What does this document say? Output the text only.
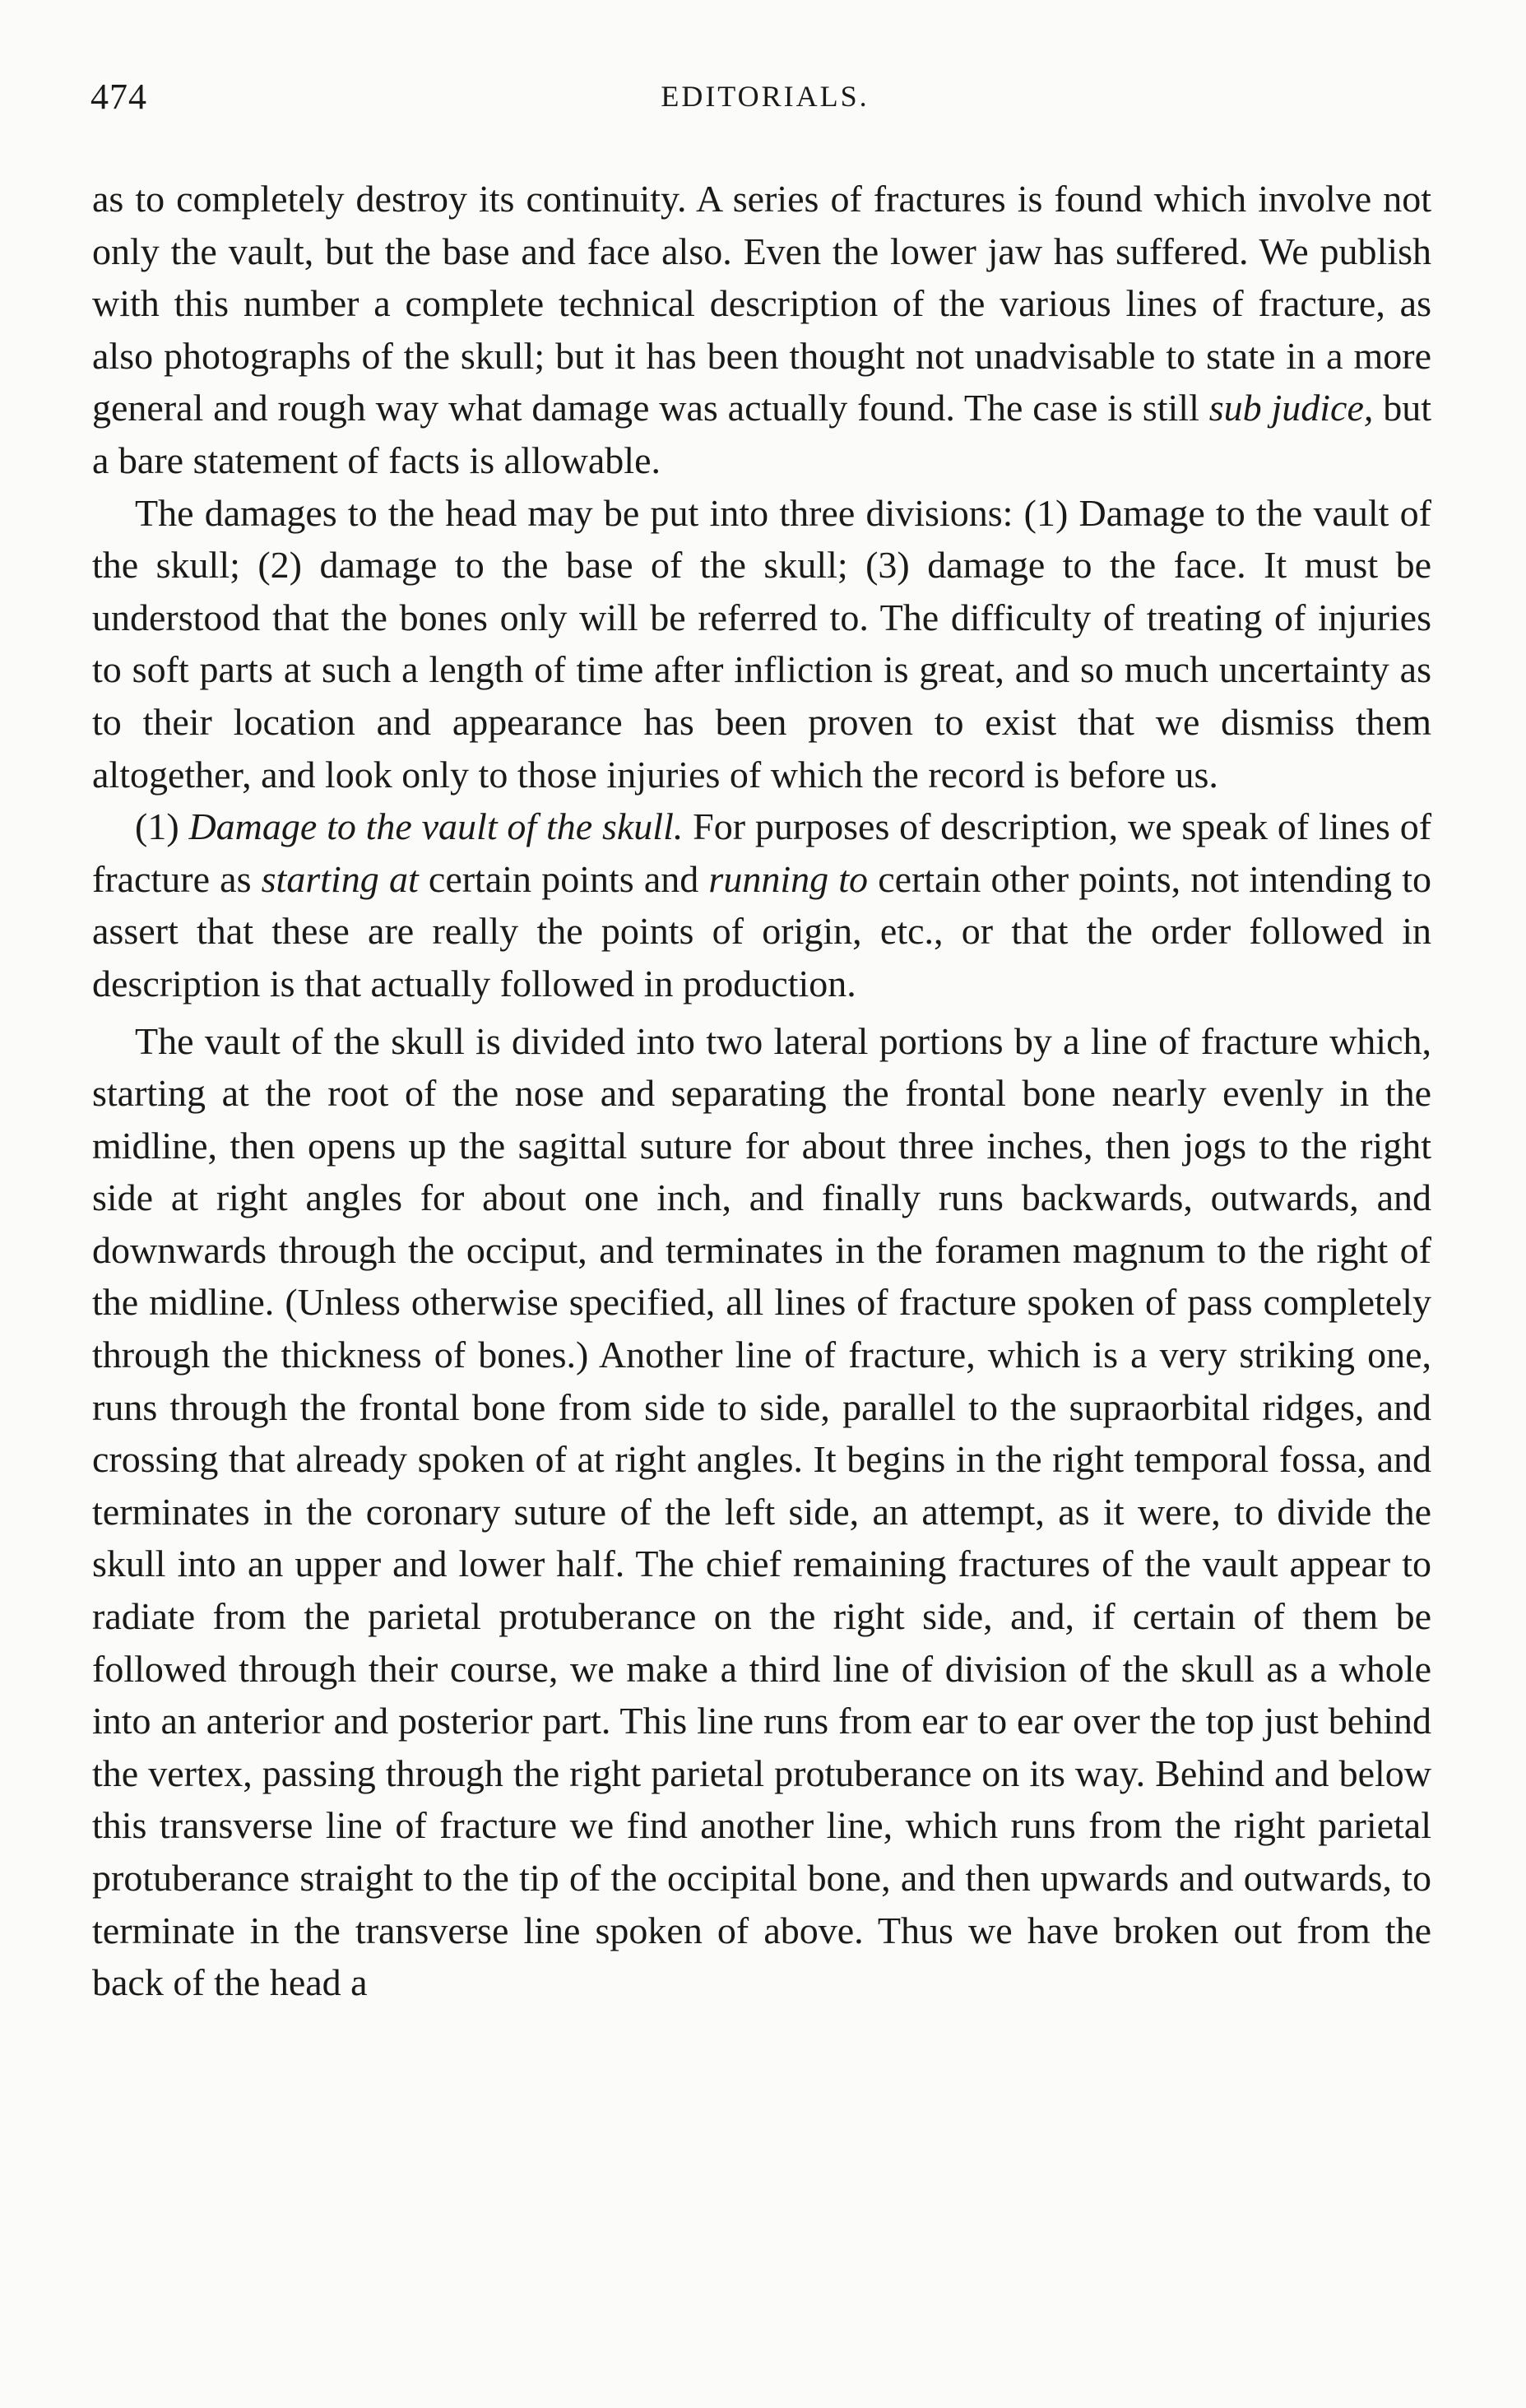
474	EDITORIALS.

as to completely destroy its continuity. A series of fractures is found which involve not only the vault, but the base and face also. Even the lower jaw has suffered. We publish with this number a complete technical description of the various lines of fracture, as also photographs of the skull; but it has been thought not unadvisable to state in a more general and rough way what damage was actually found. The case is still sub judice, but a bare statement of facts is allowable.

The damages to the head may be put into three divisions: (1) Damage to the vault of the skull; (2) damage to the base of the skull; (3) damage to the face. It must be understood that the bones only will be referred to. The difficulty of treating of injuries to soft parts at such a length of time after infliction is great, and so much uncertainty as to their location and appearance has been proven to exist that we dismiss them altogether, and look only to those injuries of which the record is before us.

(1) Damage to the vault of the skull. For purposes of description, we speak of lines of fracture as starting at certain points and running to certain other points, not intending to assert that these are really the points of origin, etc., or that the order followed in description is that actually followed in production.

The vault of the skull is divided into two lateral portions by a line of fracture which, starting at the root of the nose and separating the frontal bone nearly evenly in the midline, then opens up the sagittal suture for about three inches, then jogs to the right side at right angles for about one inch, and finally runs backwards, outwards, and downwards through the occiput, and terminates in the foramen magnum to the right of the midline. (Unless otherwise specified, all lines of fracture spoken of pass completely through the thickness of bones.) Another line of fracture, which is a very striking one, runs through the frontal bone from side to side, parallel to the supraorbital ridges, and crossing that already spoken of at right angles. It begins in the right temporal fossa, and terminates in the coronary suture of the left side, an attempt, as it were, to divide the skull into an upper and lower half. The chief remaining fractures of the vault appear to radiate from the parietal protuberance on the right side, and, if certain of them be followed through their course, we make a third line of division of the skull as a whole into an anterior and posterior part. This line runs from ear to ear over the top just behind the vertex, passing through the right parietal protuberance on its way. Behind and below this transverse line of fracture we find another line, which runs from the right parietal protuberance straight to the tip of the occipital bone, and then upwards and outwards, to terminate in the transverse line spoken of above. Thus we have broken out from the back of the head a
